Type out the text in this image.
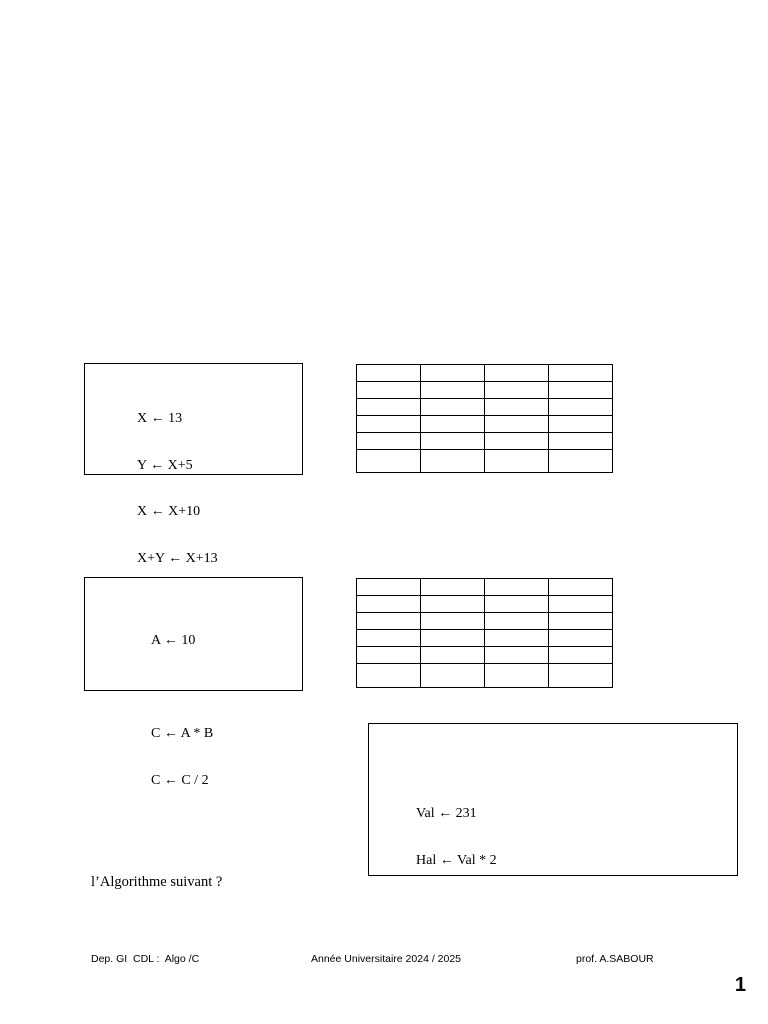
X ← 13

Y ← X+5

X ← X+10

X+Y ← X+13

A ← 10

C ← A * B

C ← C / 2

Val ← 231

Hal ← Val * 2

l’Algorithme suivant ?
Dep. GI  CDL :  Algo /C	Année Universitaire 2024 / 2025	prof. A.SABOUR
1
